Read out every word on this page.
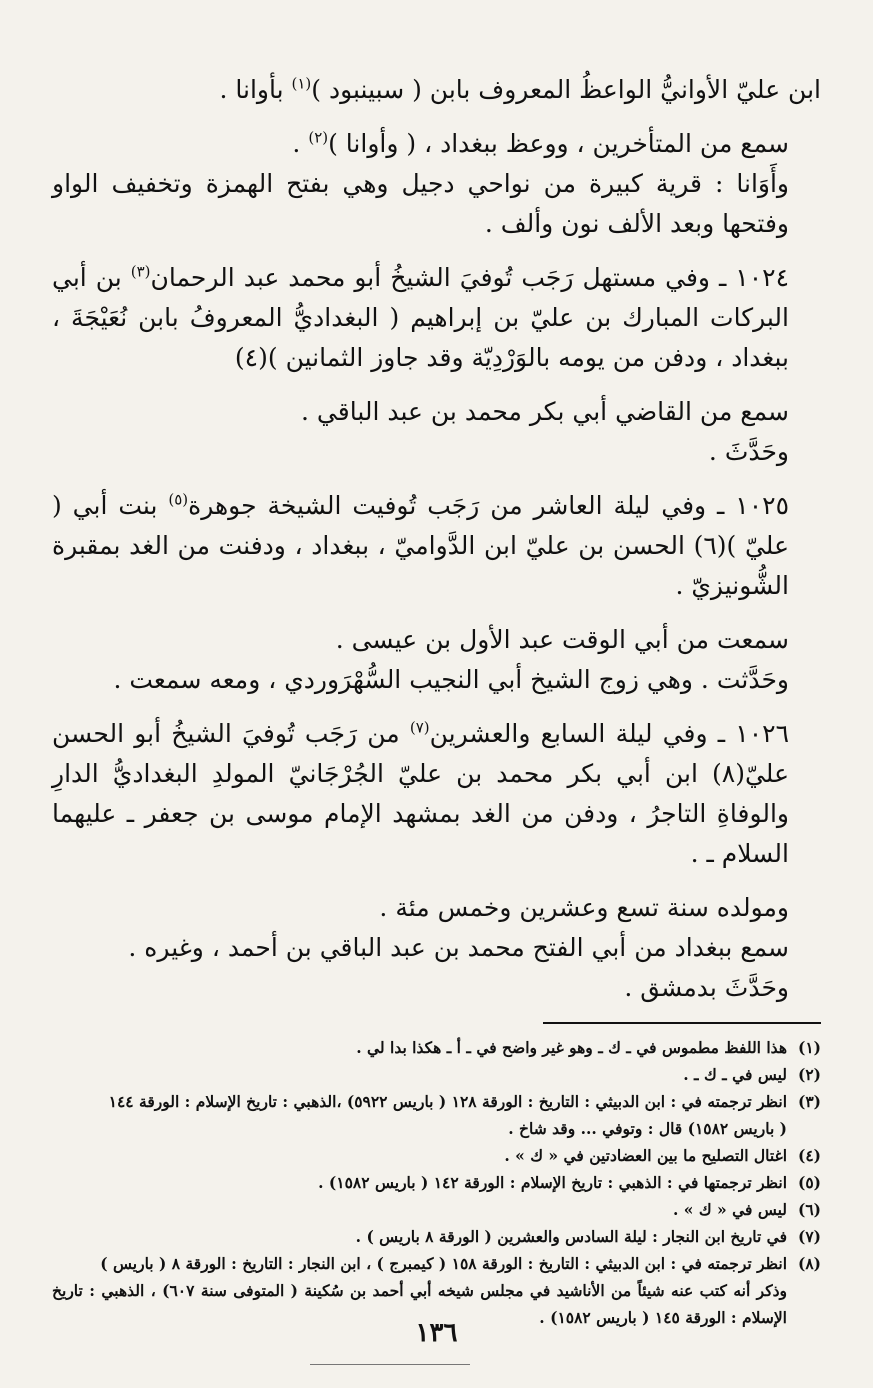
ابن عليّ الأوانيُّ الواعظُ المعروف بابن ( سبينبود )$^{(١)}$ بأوانا .

سمع من المتأخرين ، ووعظ ببغداد ، ( وأوانا )$^{(٢)}$ .

وأَوَانا : قرية كبيرة من نواحي دجيل وهي بفتح الهمزة وتخفيف الواو وفتحها وبعد الألف نون وألف .

١٠٢٤ ـ وفي مستهل رَجَب تُوفيَ الشيخُ أبو محمد عبد الرحمان$^{(٣)}$ بن أبي البركات المبارك بن عليّ بن إبراهيم ( البغداديُّ المعروفُ بابن نُعَيْجَةَ ، ببغداد ، ودفن من يومه بالوَرْدِيّة وقد جاوز الثمانين )(٤)

سمع من القاضي أبي بكر محمد بن عبد الباقي .

وحَدَّثَ .

١٠٢٥ ـ وفي ليلة العاشر من رَجَب تُوفيت الشيخة جوهرة$^{(٥)}$ بنت أبي ( عليّ )(٦) الحسن بن عليّ ابن الدَّواميّ ، ببغداد ، ودفنت من الغد بمقبرة الشُّونيزيّ .

سمعت من أبي الوقت عبد الأول بن عيسى .

وحَدَّثت . وهي زوج الشيخ أبي النجيب السُّهْرَوردي ، ومعه سمعت .

١٠٢٦ ـ وفي ليلة السابع والعشرين$^{(٧)}$ من رَجَب تُوفيَ الشيخُ أبو الحسن عليّ(٨) ابن أبي بكر محمد بن عليّ الجُرْجَانيّ المولدِ البغداديُّ الدارِ والوفاةِ التاجرُ ، ودفن من الغد بمشهد الإمام موسى بن جعفر ـ عليهما السلام ـ .

ومولده سنة تسع وعشرين وخمس مئة .

سمع ببغداد من أبي الفتح محمد بن عبد الباقي بن أحمد ، وغيره .

وحَدَّثَ بدمشق .

(١)هذا اللفظ مطموس في ـ ك ـ وهو غير واضح في ـ أ ـ هكذا بدا لي .

(٢)ليس في ـ ك ـ .

(٣)انظر ترجمته في : ابن الدبيثي : التاريخ : الورقة ١٢٨ ( باريس ٥٩٢٢) ،الذهبي : تاريخ الإسلام : الورقة ١٤٤
( باريس ١٥٨٢) قال : وتوفي ... وقد شاخ .

(٤)اغتال التصليح ما بين العضادتين في « ك » .

(٥)انظر ترجمتها في : الذهبي : تاريخ الإسلام : الورقة ١٤٢ ( باريس ١٥٨٢) .

(٦)ليس في « ك » .

(٧)في تاريخ ابن النجار : ليلة السادس والعشرين ( الورقة ٨ باريس ) .

(٨)انظر ترجمته في : ابن الدبيثي : التاريخ : الورقة ١٥٨ ( كيمبرج ) ، ابن النجار : التاريخ : الورقة ٨ ( باريس )
وذكر أنه كتب عنه شيئاً من الأناشيد في مجلس شيخه أبي أحمد بن سُكينة ( المتوفى سنة ٦٠٧) ، الذهبي : تاريخ الإسلام : الورقة ١٤٥ ( باريس ١٥٨٢) .

١٣٦
